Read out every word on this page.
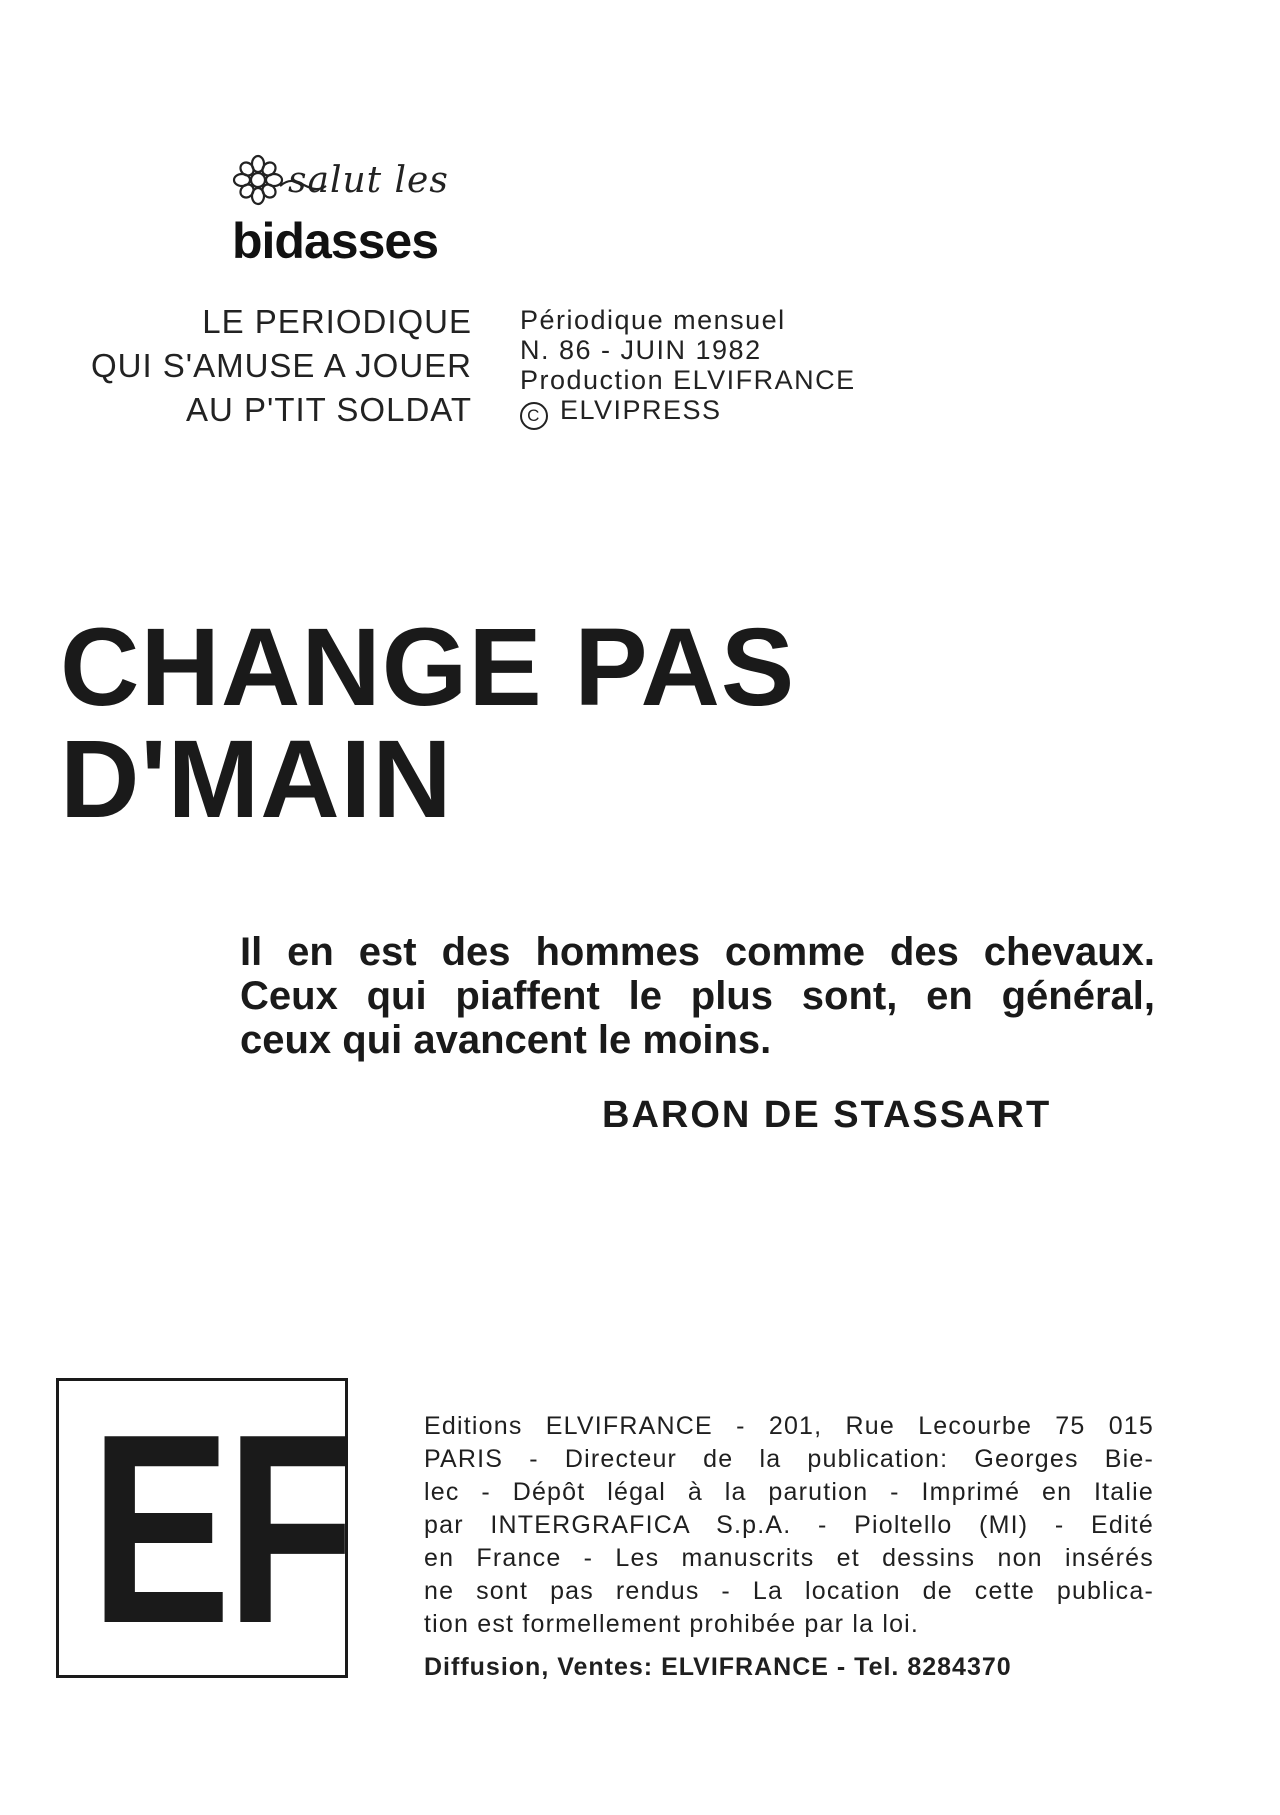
salut les
bidasses
LE PERIODIQUE
QUI S'AMUSE A JOUER
AU P'TIT SOLDAT
Périodique mensuel
N. 86 - JUIN 1982
Production ELVIFRANCE
C ELVIPRESS
CHANGE PAS
D'MAIN
Il en est des hommes comme des chevaux.
Ceux qui piaffent le plus sont, en général,
ceux qui avancent le moins.
BARON DE STASSART
EF	Editions ELVIFRANCE - 201, Rue Lecourbe 75 015
PARIS - Directeur de la publication: Georges Bie-
lec - Dépôt légal à la parution - Imprimé en Italie
par INTERGRAFICA S.p.A. - Pioltello (MI) - Edité
en France - Les manuscrits et dessins non insérés
ne sont pas rendus - La location de cette publica-
tion est formellement prohibée par la loi.
Diffusion, Ventes: ELVIFRANCE - Tel. 8284370
